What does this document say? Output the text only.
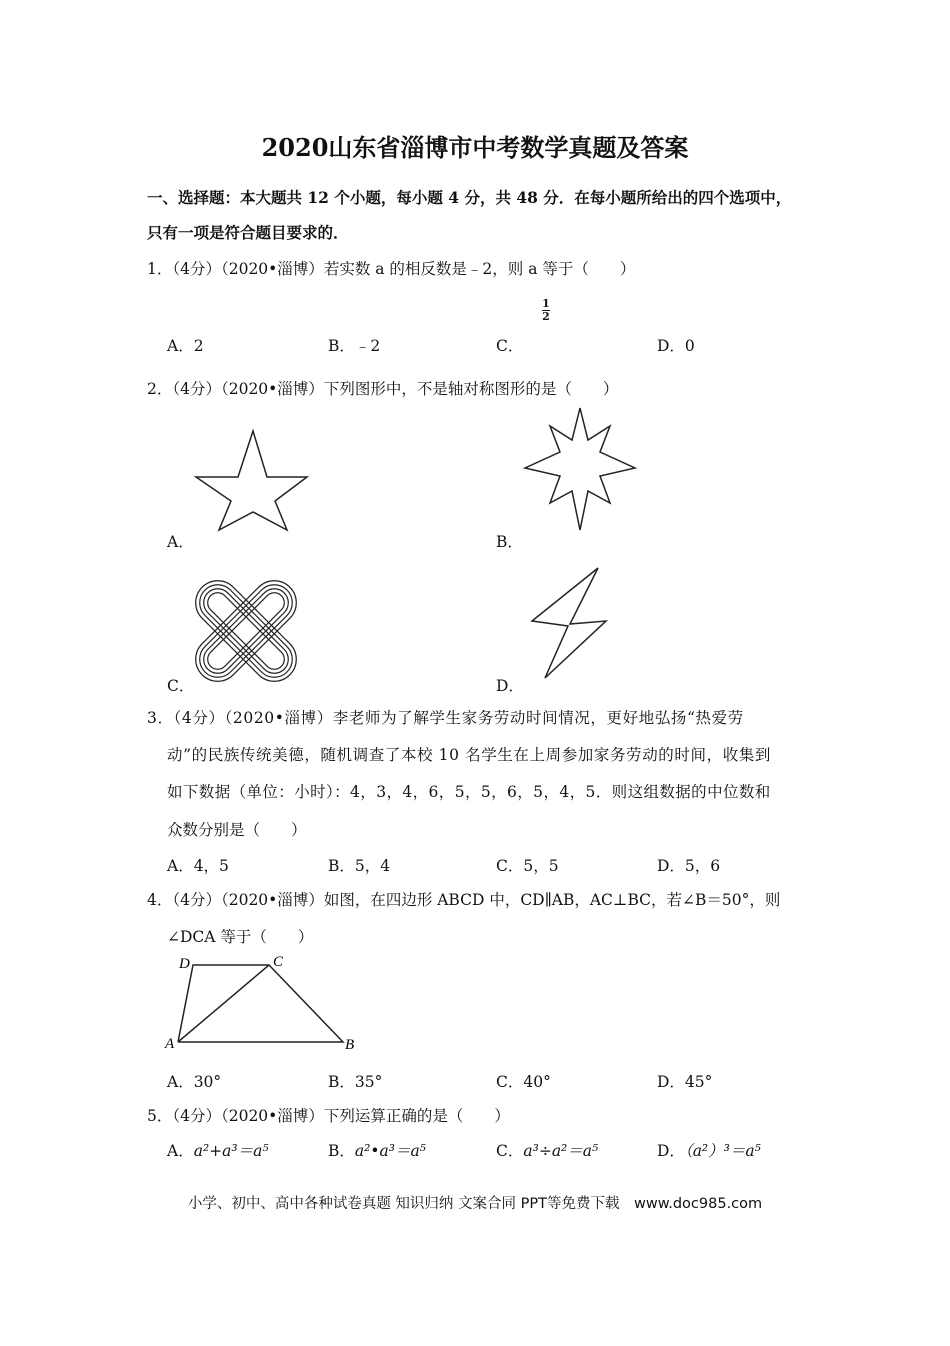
2020山东省淄博市中考数学真题及答案
一、选择题：本大题共 12 个小题，每小题 4 分，共 48 分．在每小题所给出的四个选项中，
只有一项是符合题目要求的．
1．（4分）（2020•淄博）若实数 a 的相反数是﹣2，则 a 等于（　　）
A．2	B．﹣2	C．
1
2
D．0
2．（4分）（2020•淄博）下列图形中，不是轴对称图形的是（　　）
A．	B．
C．	D．
3．（4分）（2020•淄博）李老师为了解学生家务劳动时间情况，更好地弘扬“热爱劳
动”的民族传统美德，随机调查了本校 10 名学生在上周参加家务劳动的时间，收集到
如下数据（单位：小时）：4，3，4，6，5，5，6，5，4，5．则这组数据的中位数和
众数分别是（　　）
A．4，5	B．5，4	C．5，5	D．5，6
4．（4分）（2020•淄博）如图，在四边形 ABCD 中，CD∥AB，AC⊥BC，若∠B＝50°，则
∠DCA 等于（　　）
D	C
A	B
A．30°	B．35°	C．40°	D．45°
5．（4分）（2020•淄博）下列运算正确的是（　　）
A．a²+a³＝a⁵	B．a²•a³＝a⁵	C．a³÷a²＝a⁵	D．（a²）³＝a⁵
小学、初中、高中各种试卷真题 知识归纳 文案合同 PPT等免费下载　www.doc985.com
